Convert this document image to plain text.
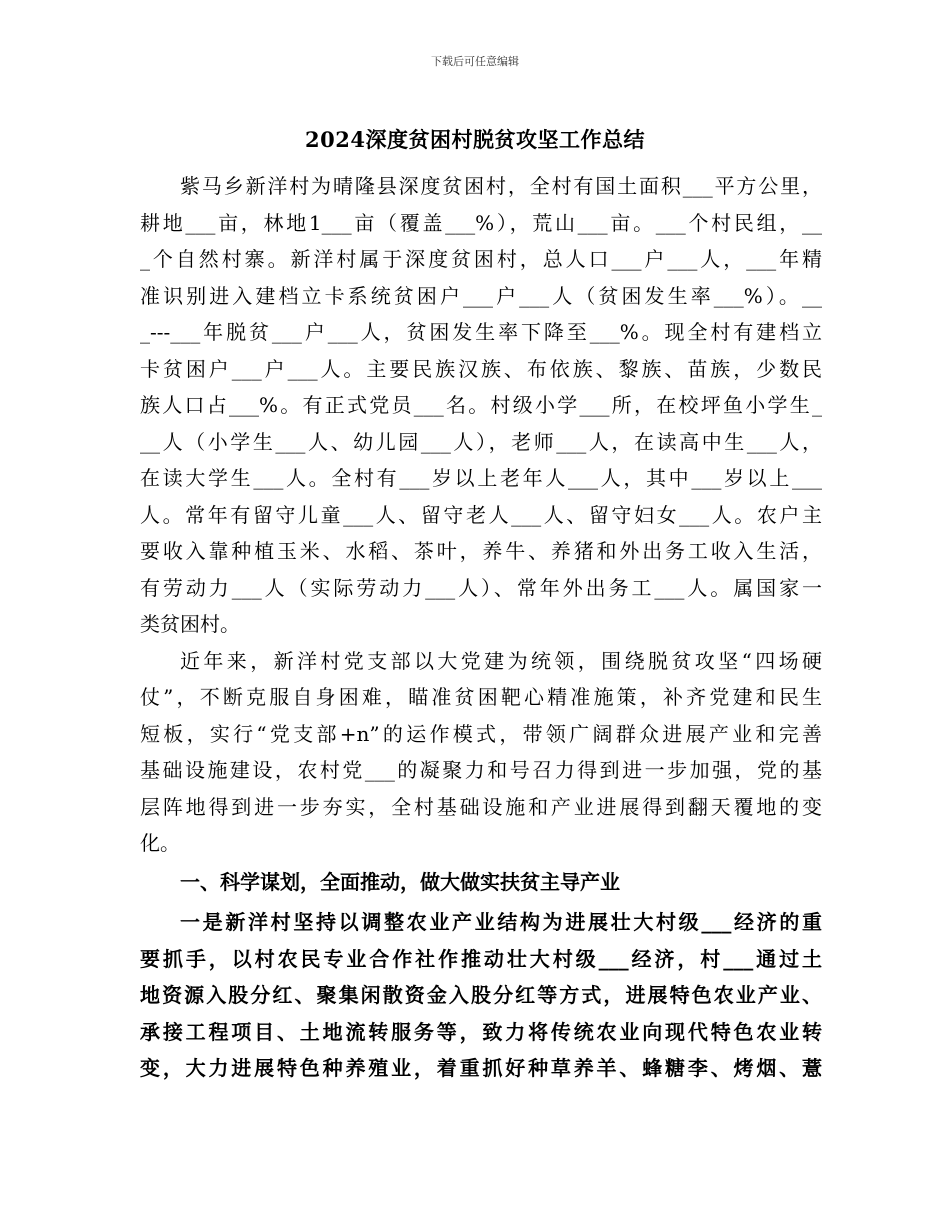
下载后可任意编辑
2024深度贫困村脱贫攻坚工作总结
紫马乡新洋村为晴隆县深度贫困村，全村有国土面积___平方公里，
耕地___亩，林地1___亩（覆盖___%），荒山___亩。___个村民组，__
_个自然村寨。新洋村属于深度贫困村，总人口___户___人，___年精
准识别进入建档立卡系统贫困户___户___人（贫困发生率___%）。__
_---___年脱贫___户___人，贫困发生率下降至___%。现全村有建档立
卡贫困户___户___人。主要民族汉族、布依族、黎族、苗族，少数民
族人口占___%。有正式党员___名。村级小学___所，在校坪鱼小学生_
__人（小学生___人、幼儿园___人），老师___人，在读高中生___人，
在读大学生___人。全村有___岁以上老年人___人，其中___岁以上___
人。常年有留守儿童___人、留守老人___人、留守妇女___人。农户主
要收入靠种植玉米、水稻、茶叶，养牛、养猪和外出务工收入生活，
有劳动力___人（实际劳动力___人）、常年外出务工___人。属国家一
类贫困村。
近年来，新洋村党支部以大党建为统领，围绕脱贫攻坚“四场硬
仗”，不断克服自身困难，瞄准贫困靶心精准施策，补齐党建和民生
短板，实行“党支部+n”的运作模式，带领广阔群众进展产业和完善
基础设施建设，农村党___的凝聚力和号召力得到进一步加强，党的基
层阵地得到进一步夯实，全村基础设施和产业进展得到翻天覆地的变
化。
一、科学谋划，全面推动，做大做实扶贫主导产业
一是新洋村坚持以调整农业产业结构为进展壮大村级___经济的重
要抓手，以村农民专业合作社作推动壮大村级___经济，村___通过土
地资源入股分红、聚集闲散资金入股分红等方式，进展特色农业产业、
承接工程项目、土地流转服务等，致力将传统农业向现代特色农业转
变，大力进展特色种养殖业，着重抓好种草养羊、蜂糖李、烤烟、薏
